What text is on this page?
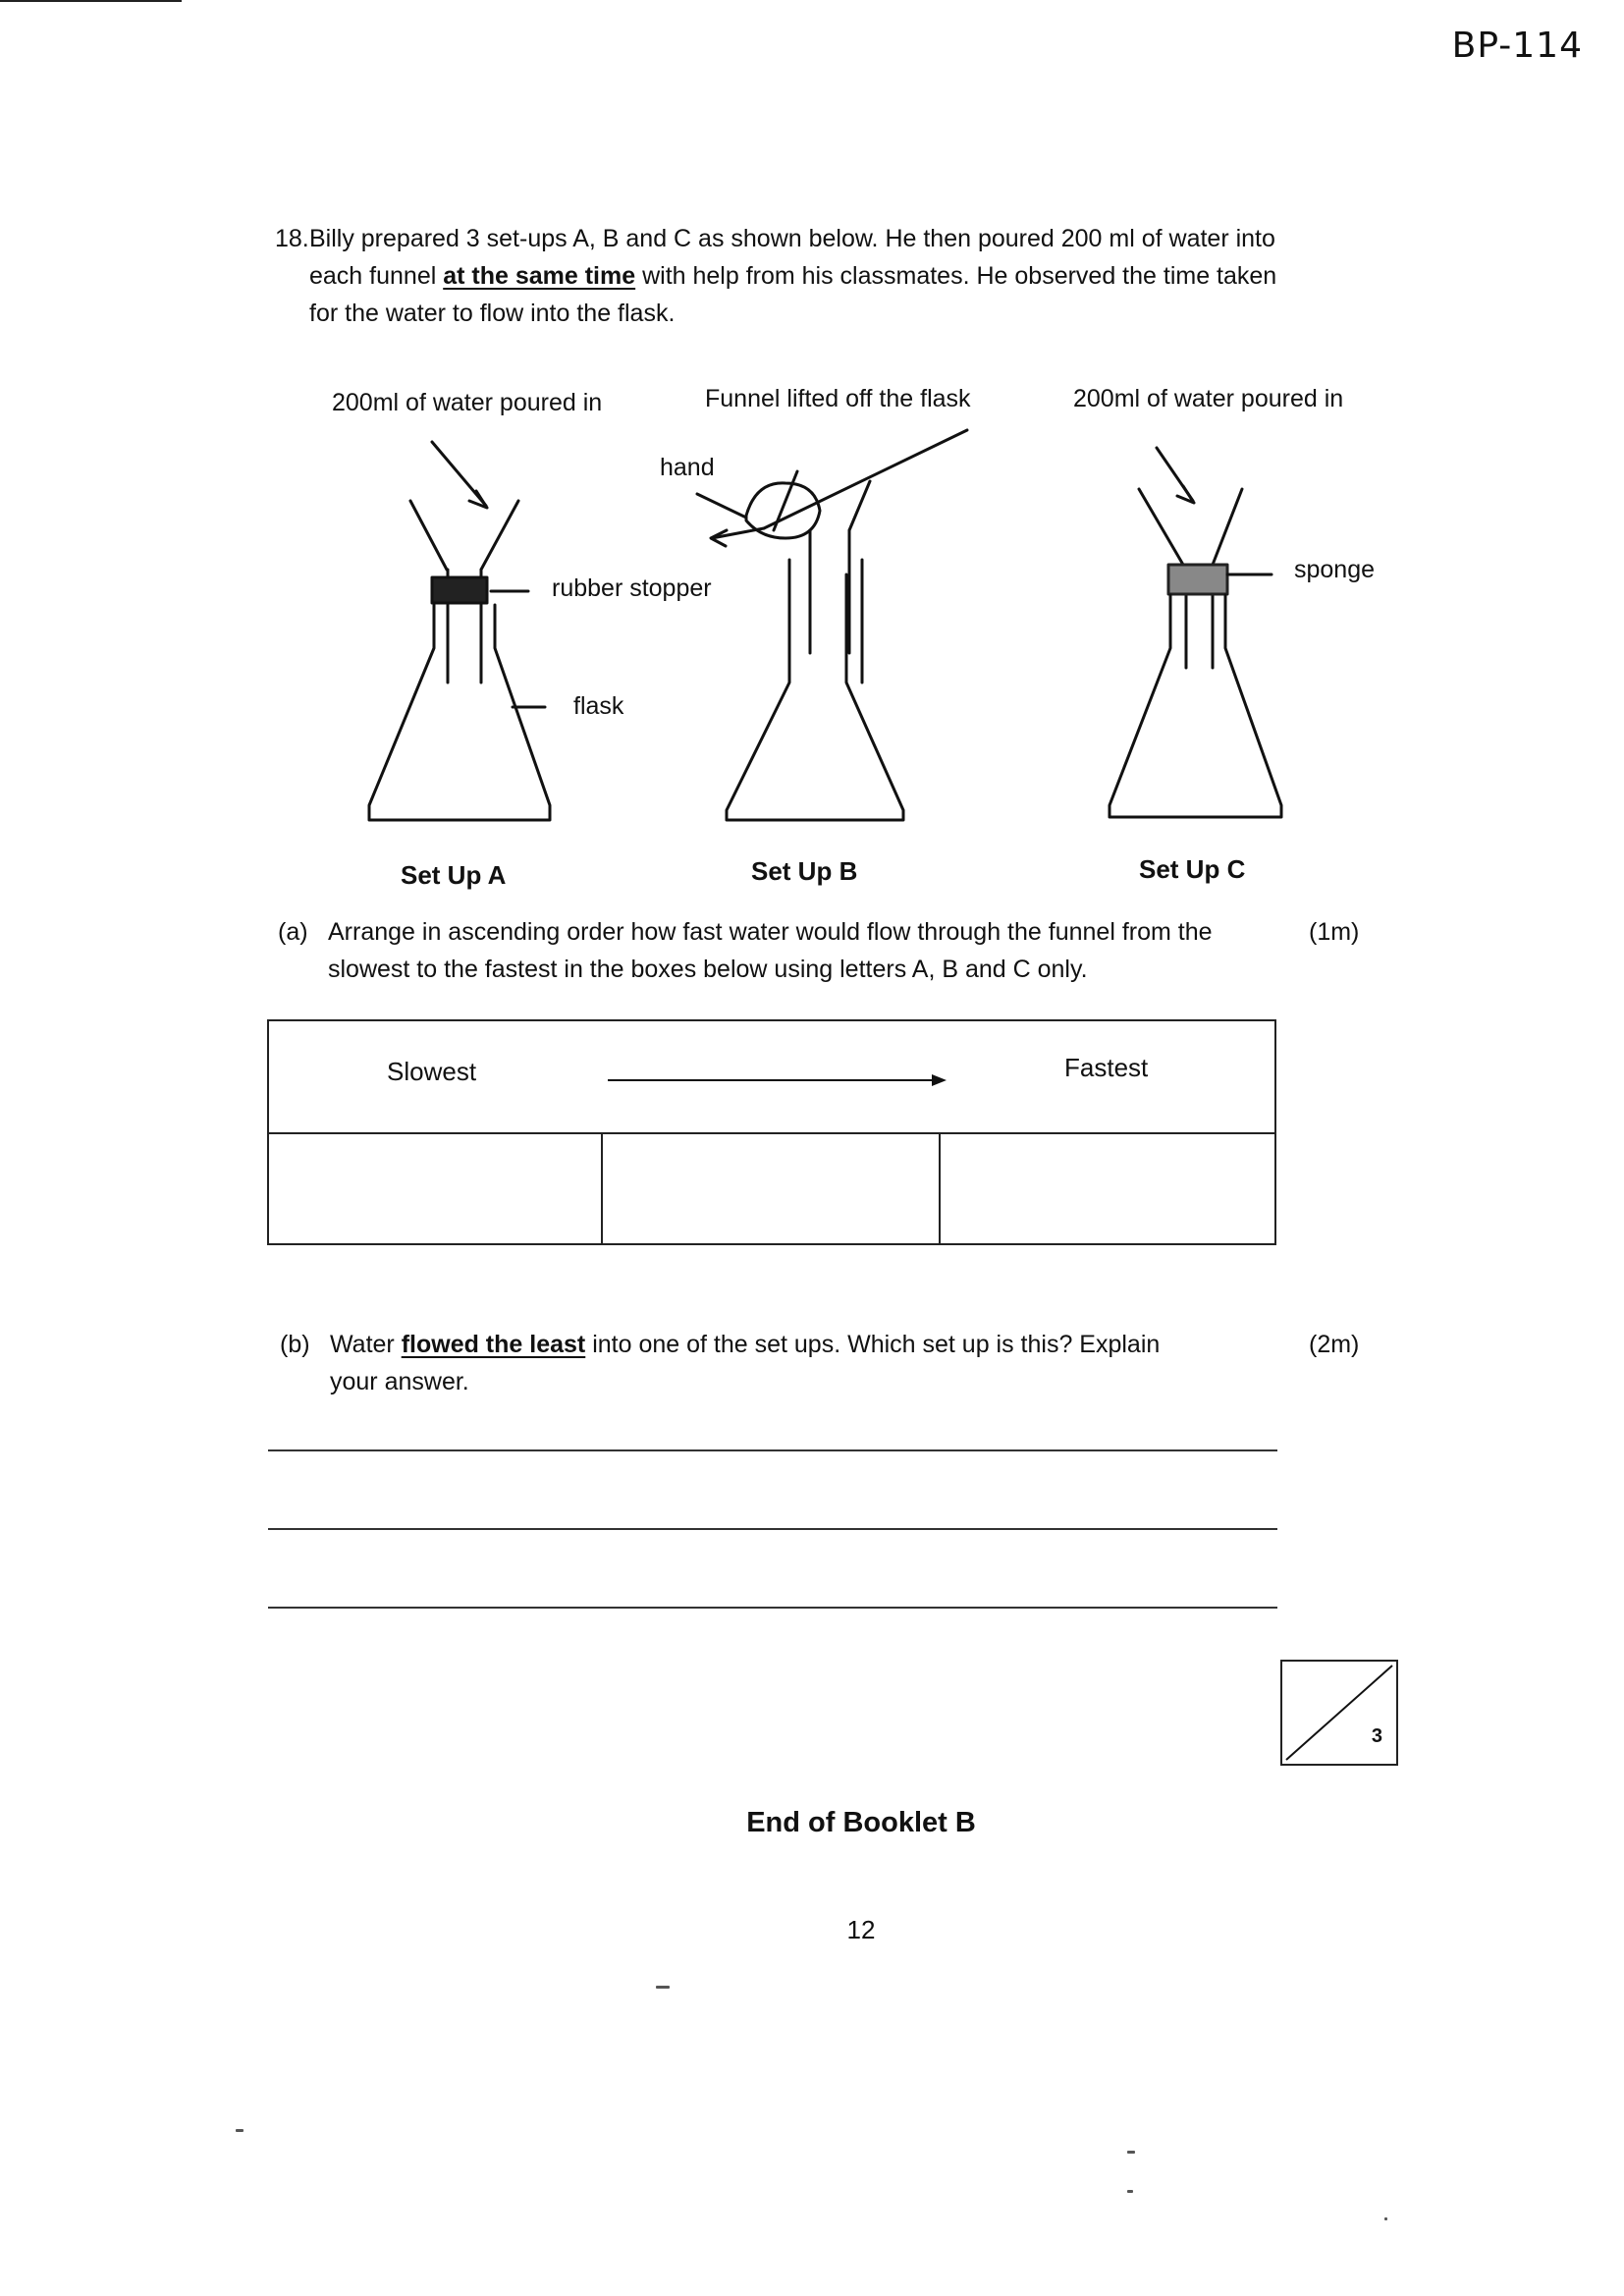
BP-114
18. Billy prepared 3 set-ups A, B and C as shown below. He then poured 200 ml of water into each funnel at the same time with help from his classmates. He observed the time taken for the water to flow into the flask.
200ml of water poured in	Funnel lifted off the flask	200ml of water poured in
hand
rubber stopper
sponge
flask
Set Up A	Set Up B	Set Up C
(a) Arrange in ascending order how fast water would flow through the funnel from the slowest to the fastest in the boxes below using letters A, B and C only.
(1m)
Slowest	Fastest
(b) Water flowed the least into one of the set ups. Which set up is this? Explain your answer.
(2m)
3
End of Booklet B
12
